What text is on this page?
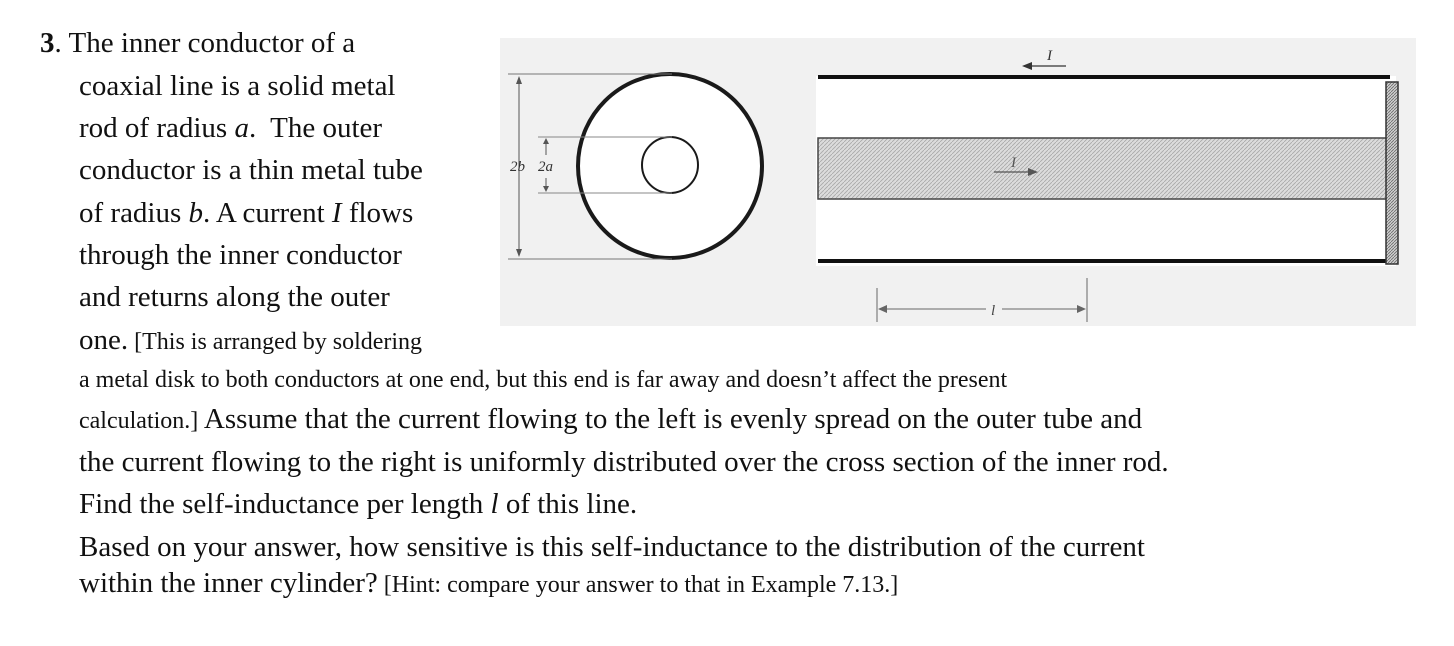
3. The inner conductor of a
coaxial line is a solid metal
rod of radius a.  The outer
conductor is a thin metal tube
of radius b. A current I flows
through the inner conductor
and returns along the outer
one. [This is arranged by soldering
a metal disk to both conductors at one end, but this end is far away and doesn’t affect the present
calculation.] Assume that the current flowing to the left is evenly spread on the outer tube and
the current flowing to the right is uniformly distributed over the cross section of the inner rod.
Find the self-inductance per length l of this line.
Based on your answer, how sensitive is this self-inductance to the distribution of the current
within the inner cylinder? [Hint: compare your answer to that in Example 7.13.]
2b 2a
I
I
l
